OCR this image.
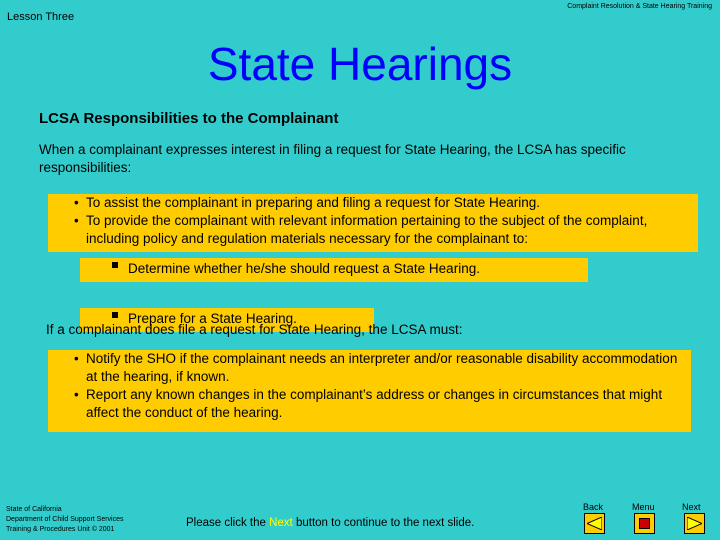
Lesson Three
Complaint Resolution & State Hearing Training
State Hearings
LCSA Responsibilities to the Complainant
When a complainant expresses interest in filing a request for State Hearing, the LCSA has specific responsibilities:
• To assist the complainant in preparing and filing a request for State Hearing.
• To provide the complainant with relevant information pertaining to the subject of the complaint, including policy and regulation materials necessary for the complainant to:
Determine whether he/she should request a State Hearing.
Prepare for a State Hearing.
If a complainant does file a request for State Hearing, the LCSA must:
• Notify the SHO if the complainant needs an interpreter and/or reasonable disability accommodation at the hearing, if known.
• Report any known changes in the complainant’s address or changes in circumstances that might affect the conduct of the hearing.
State of California
Department of Child Support Services
Training & Procedures Unit © 2001
Please click the Next button to continue to the next slide.
Back	Menu	Next
